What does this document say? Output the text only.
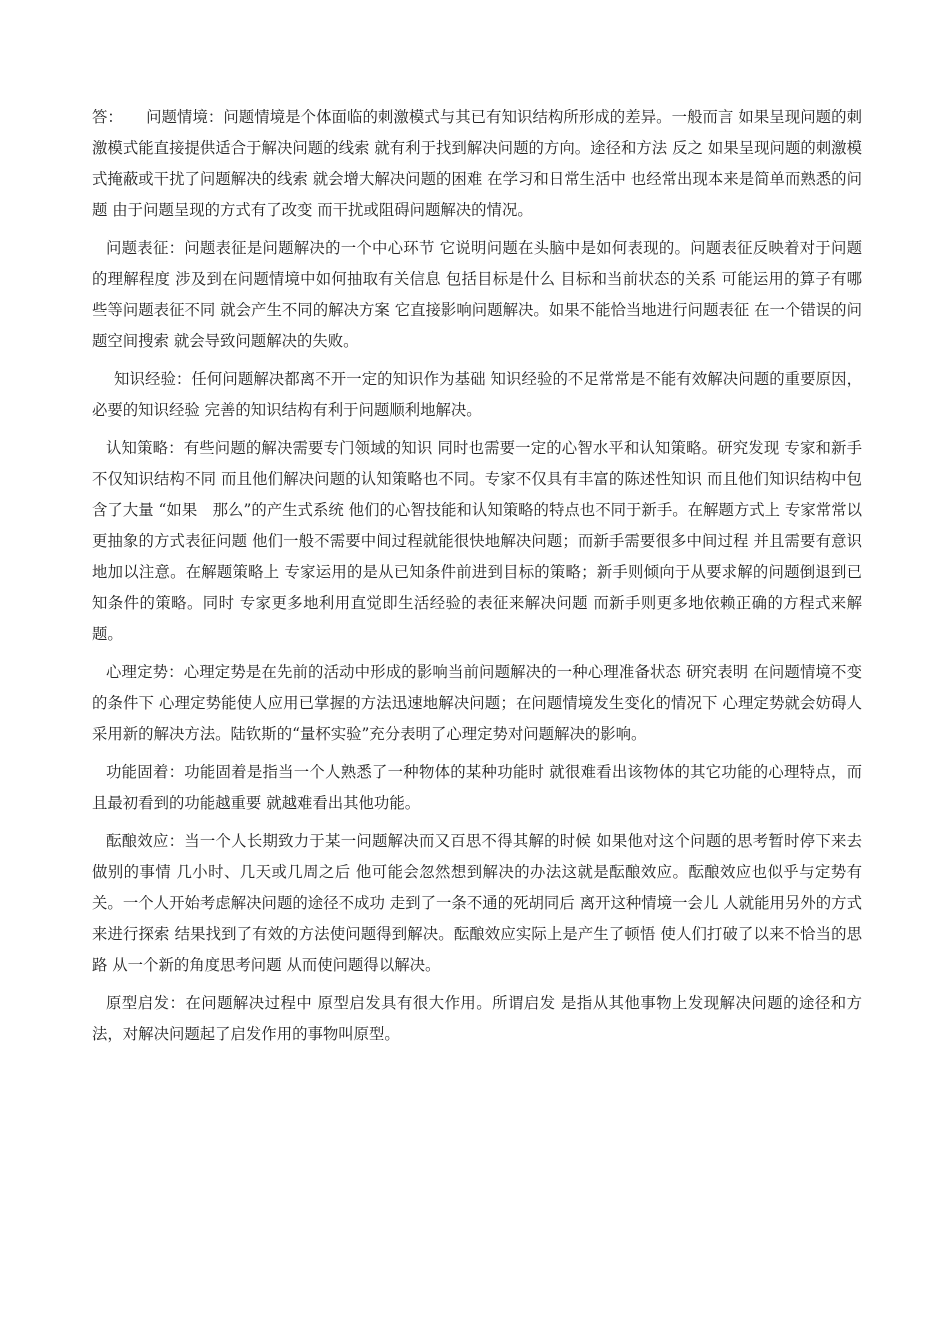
答： 问题情境：问题情境是个体面临的刺激模式与其已有知识结构所形成的差异。一般而言 如果呈现问题的刺激模式能直接提供适合于解决问题的线索 就有利于找到解决问题的方向。途径和方法 反之 如果呈现问题的刺激模式掩蔽或干扰了问题解决的线索 就会增大解决问题的困难 在学习和日常生活中 也经常出现本来是简单而熟悉的问题 由于问题呈现的方式有了改变 而干扰或阻碍问题解决的情况。

问题表征：问题表征是问题解决的一个中心环节 它说明问题在头脑中是如何表现的。问题表征反映着对于问题的理解程度 涉及到在问题情境中如何抽取有关信息 包括目标是什么 目标和当前状态的关系 可能运用的算子有哪些等问题表征不同 就会产生不同的解决方案 它直接影响问题解决。如果不能恰当地进行问题表征 在一个错误的问题空间搜索 就会导致问题解决的失败。

知识经验：任何问题解决都离不开一定的知识作为基础 知识经验的不足常常是不能有效解决问题的重要原因，必要的知识经验 完善的知识结构有利于问题顺利地解决。

认知策略：有些问题的解决需要专门领域的知识 同时也需要一定的心智水平和认知策略。研究发现 专家和新手不仅知识结构不同 而且他们解决问题的认知策略也不同。专家不仅具有丰富的陈述性知识 而且他们知识结构中包含了大量 “如果　那么”的产生式系统 他们的心智技能和认知策略的特点也不同于新手。在解题方式上 专家常常以更抽象的方式表征问题 他们一般不需要中间过程就能很快地解决问题；而新手需要很多中间过程 并且需要有意识地加以注意。在解题策略上 专家运用的是从已知条件前进到目标的策略；新手则倾向于从要求解的问题倒退到已知条件的策略。同时 专家更多地利用直觉即生活经验的表征来解决问题 而新手则更多地依赖正确的方程式来解题。

心理定势：心理定势是在先前的活动中形成的影响当前问题解决的一种心理准备状态 研究表明 在问题情境不变的条件下 心理定势能使人应用已掌握的方法迅速地解决问题；在问题情境发生变化的情况下 心理定势就会妨碍人采用新的解决方法。陆钦斯的“量杯实验”充分表明了心理定势对问题解决的影响。

功能固着：功能固着是指当一个人熟悉了一种物体的某种功能时 就很难看出该物体的其它功能的心理特点，而且最初看到的功能越重要 就越难看出其他功能。

酝酿效应：当一个人长期致力于某一问题解决而又百思不得其解的时候 如果他对这个问题的思考暂时停下来去做别的事情 几小时、几天或几周之后 他可能会忽然想到解决的办法这就是酝酿效应。酝酿效应也似乎与定势有关。一个人开始考虑解决问题的途径不成功 走到了一条不通的死胡同后 离开这种情境一会儿 人就能用另外的方式来进行探索 结果找到了有效的方法使问题得到解决。酝酿效应实际上是产生了顿悟 使人们打破了以来不恰当的思路 从一个新的角度思考问题 从而使问题得以解决。

原型启发：在问题解决过程中 原型启发具有很大作用。所谓启发 是指从其他事物上发现解决问题的途径和方法，对解决问题起了启发作用的事物叫原型。
